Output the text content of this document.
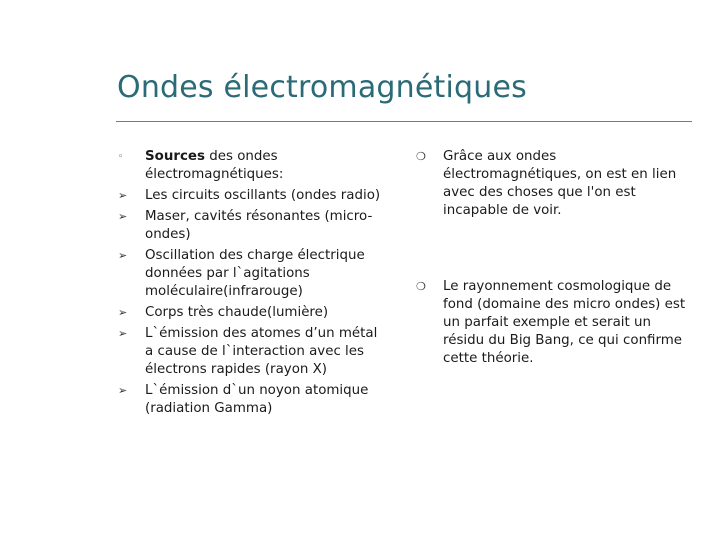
Ondes électromagnétiques
◦	Sources des ondes électromagnétiques:
➢	Les circuits oscillants (ondes radio)
➢	Maser, cavités résonantes (micro-ondes)
➢	Oscillation des charge électrique données par l`agitations moléculaire(infrarouge)
➢	Corps très chaude(lumière)
➢	L`émission des atomes d’un métal a cause de l`interaction avec les électrons rapides (rayon X)
➢	L`émission d`un noyon atomique (radiation Gamma)
❍	Grâce aux ondes électromagnétiques, on est en lien avec des choses que l'on est incapable de voir.
❍	Le rayonnement cosmologique de fond (domaine des micro ondes) est un parfait exemple et serait un résidu du Big Bang, ce qui confirme cette théorie.
